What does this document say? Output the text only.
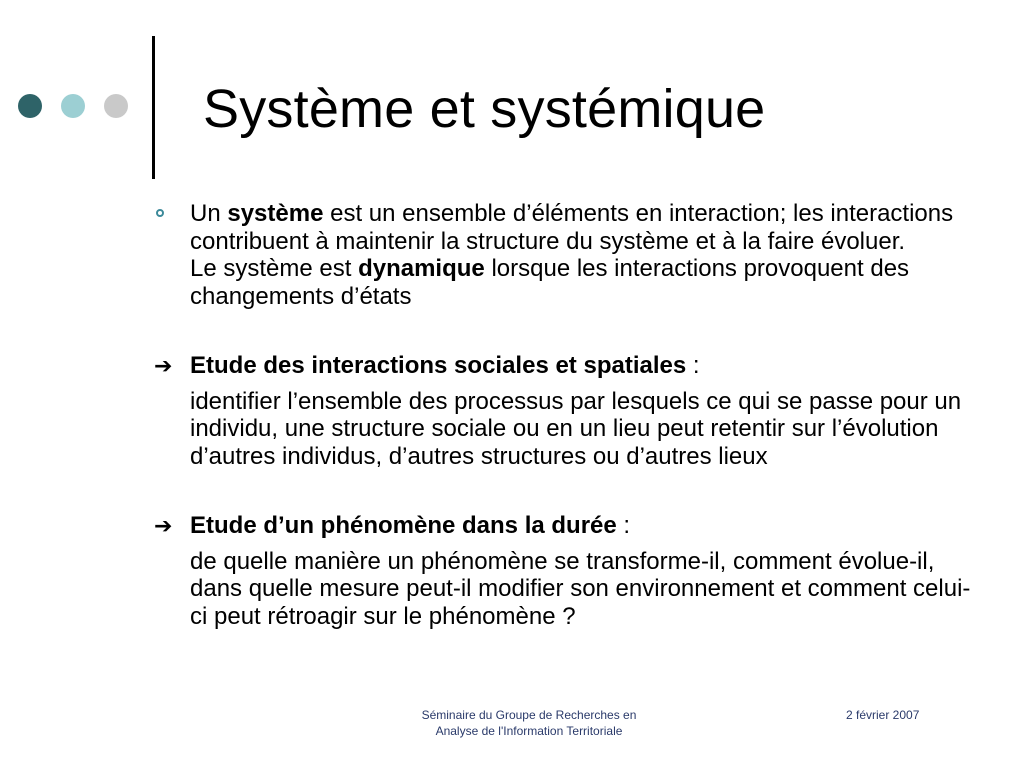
Système et systémique
Un système est un ensemble d’éléments en interaction; les interactions contribuent à maintenir la structure du système et à la faire évoluer.
Le système est dynamique lorsque les interactions provoquent des changements d’états
➔ Etude des interactions sociales et spatiales :
identifier l’ensemble des processus par lesquels ce qui se passe pour un individu, une structure sociale ou en un lieu peut retentir sur l’évolution d’autres individus, d’autres structures ou d’autres lieux
➔ Etude d’un phénomène dans la durée :
de quelle manière un phénomène se transforme-il, comment évolue-il, dans quelle mesure peut-il modifier son environnement et comment celui-ci peut rétroagir sur le phénomène ?
Séminaire du Groupe de Recherches en
Analyse de l'Information Territoriale
2 février 2007
